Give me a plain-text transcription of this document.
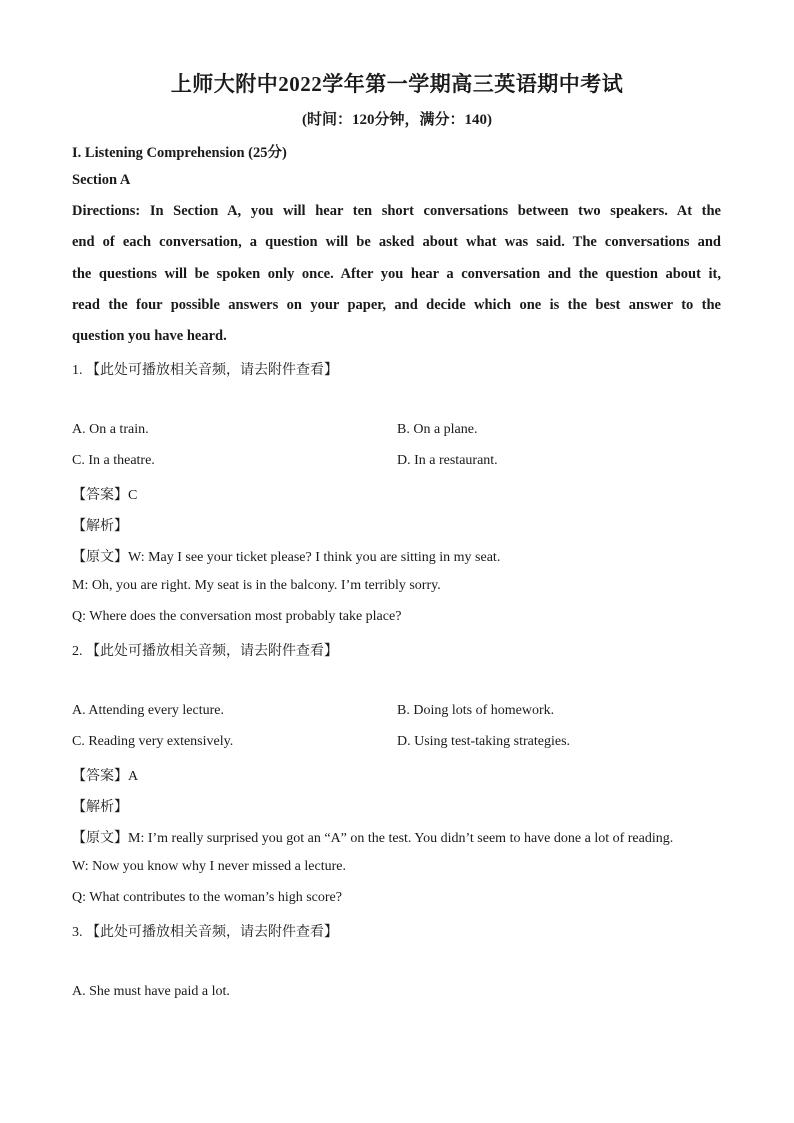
上师大附中2022学年第一学期高三英语期中考试
(时间：120分钟，满分：140)
I. Listening Comprehension (25分)
Section A
Directions: In Section A, you will hear ten short conversations between two speakers. At the
end of each conversation, a question will be asked about what was said. The conversations and
the questions will be spoken only once. After you hear a conversation and the question about it,
read the four possible answers on your paper, and decide which one is the best answer to the
question you have heard.
1. 【此处可播放相关音频，请去附件查看】
A. On a train.	B. On a plane.
C. In a theatre.	D. In a restaurant.
【答案】C
【解析】
【原文】W: May I see your ticket please? I think you are sitting in my seat.
M: Oh, you are right. My seat is in the balcony. I’m terribly sorry.
Q: Where does the conversation most probably take place?
2. 【此处可播放相关音频，请去附件查看】
A. Attending every lecture.	B. Doing lots of homework.
C. Reading very extensively.	D. Using test-taking strategies.
【答案】A
【解析】
【原文】M: I’m really surprised you got an “A” on the test. You didn’t seem to have done a lot of reading.
W: Now you know why I never missed a lecture.
Q: What contributes to the woman’s high score?
3. 【此处可播放相关音频，请去附件查看】
A. She must have paid a lot.
